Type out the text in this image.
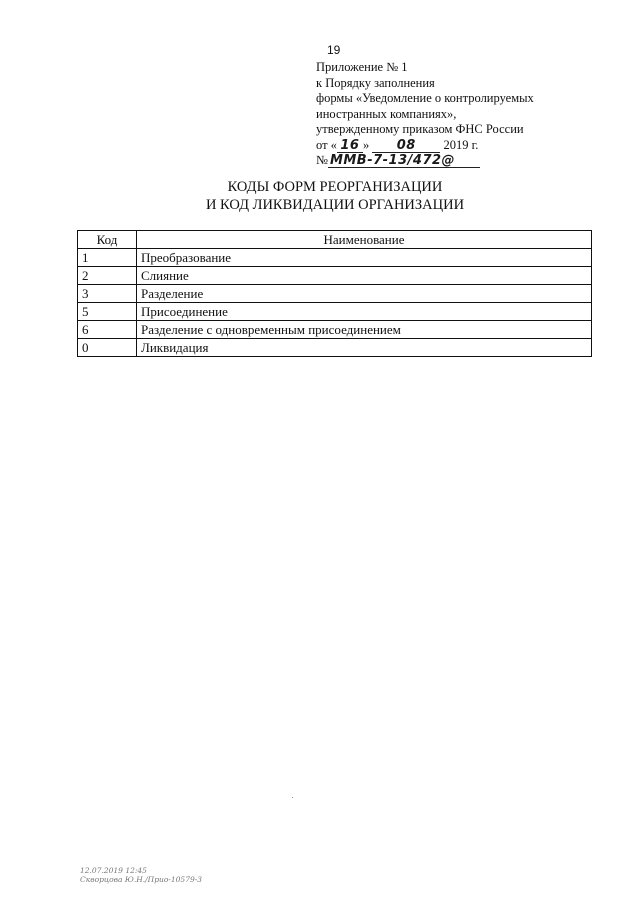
19
Приложение № 1
к Порядку заполнения
формы «Уведомление о контролируемых
иностранных компаниях»,
утвержденному приказом ФНС России
от « 16 » 08 2019 г.
№ ММВ-7-13/472@
КОДЫ ФОРМ РЕОРГАНИЗАЦИИ
И КОД ЛИКВИДАЦИИ ОРГАНИЗАЦИИ
Код	Наименование
1	Преобразование
2	Слияние
3	Разделение
5	Присоединение
6	Разделение с одновременным присоединением
0	Ликвидация
12.07.2019 12:45
Скворцова Ю.Н./Прио-10579-3
